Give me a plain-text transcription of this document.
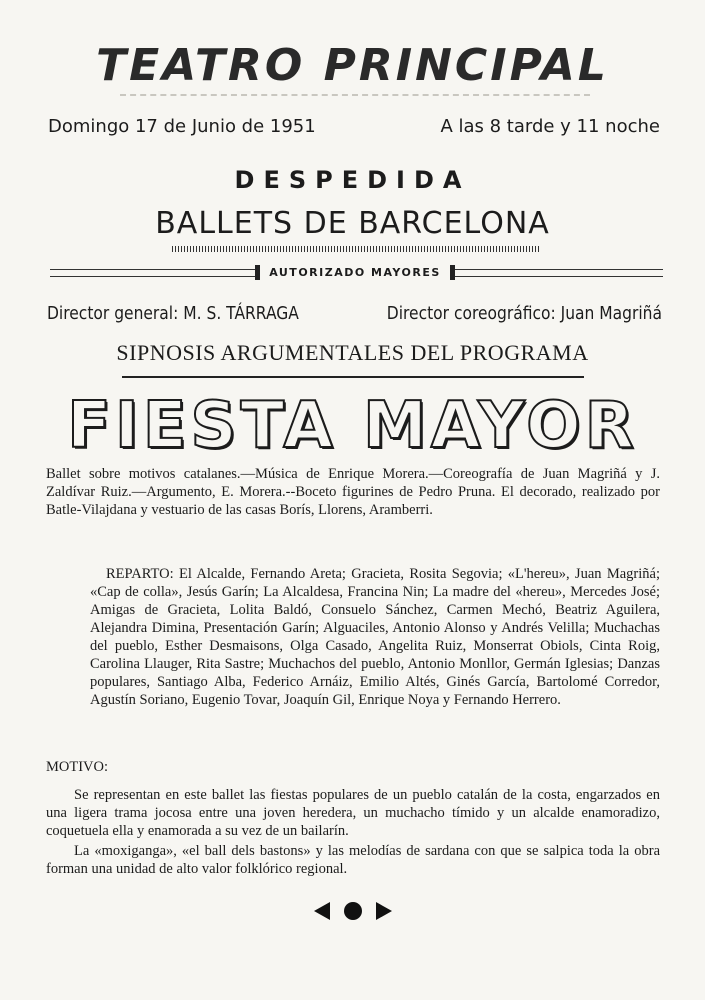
TEATRO PRINCIPAL
Domingo 17 de Junio de 1951	A las 8 tarde y 11 noche
DESPEDIDA
BALLETS DE BARCELONA
AUTORIZADO MAYORES
Director general: M. S. TÁRRAGA	Director coreográfico: Juan Magriñá
SIPNOSIS ARGUMENTALES DEL PROGRAMA
FIESTA MAYOR
Ballet sobre motivos catalanes.—Música de Enrique Morera.—Coreografía de Juan Magriñá y J. Zaldívar Ruiz.—Argumento, E. Morera.--Boceto figurines de Pedro Pruna. El decorado, realizado por Batle-Vilajdana y vestuario de las casas Borís, Llorens, Aramberri.
REPARTO: El Alcalde, Fernando Areta; Gracieta, Rosita Segovia; «L'hereu», Juan Magriñá; «Cap de colla», Jesús Garín; La Alcaldesa, Francina Nin; La madre del «hereu», Mercedes José; Amigas de Gracieta, Lolita Baldó, Consuelo Sánchez, Carmen Mechó, Beatriz Aguilera, Alejandra Dimina, Presentación Garín; Alguaciles, Antonio Alonso y Andrés Velilla; Muchachas del pueblo, Esther Desmaisons, Olga Casado, Angelita Ruiz, Monserrat Obiols, Cinta Roig, Carolina Llauger, Rita Sastre; Muchachos del pueblo, Antonio Monllor, Germán Iglesias; Danzas populares, Santiago Alba, Federico Arnáiz, Emilio Altés, Ginés García, Bartolomé Corredor, Agustín Soriano, Eugenio Tovar, Joaquín Gil, Enrique Noya y Fernando Herrero.
MOTIVO:
Se representan en este ballet las fiestas populares de un pueblo catalán de la costa, engarzados en una ligera trama jocosa entre una joven heredera, un muchacho tímido y un alcalde enamoradizo, coquetuela ella y enamorada a su vez de un bailarín.
La «moxiganga», «el ball dels bastons» y las melodías de sardana con que se salpica toda la obra forman una unidad de alto valor folklórico regional.
